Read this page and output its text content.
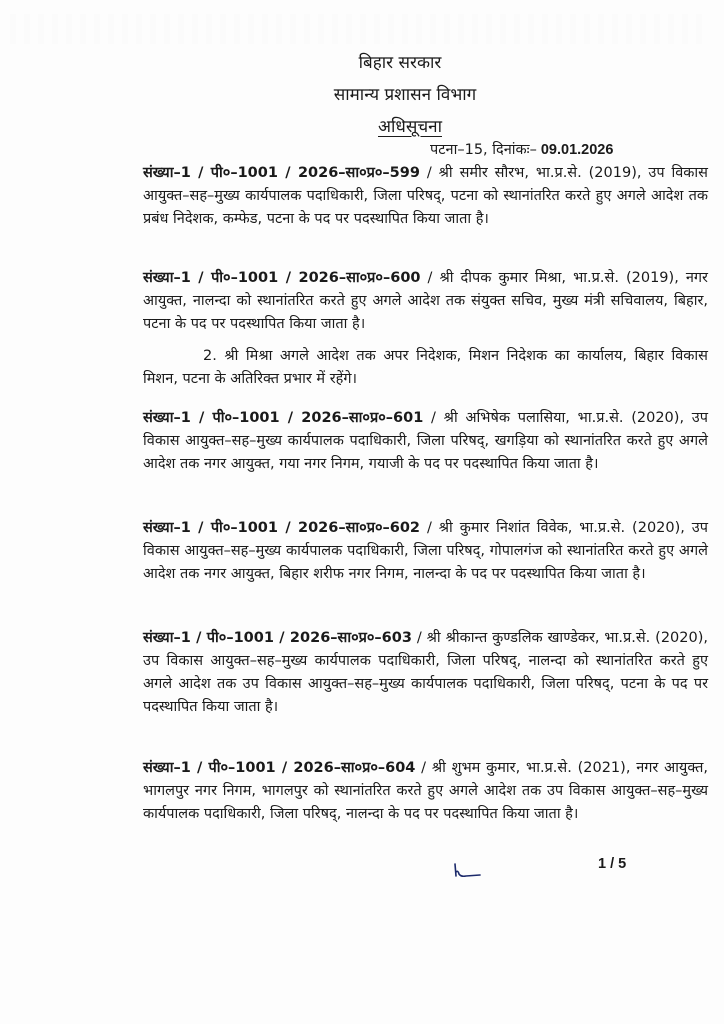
बिहार सरकार
सामान्य प्रशासन विभाग
अधिसूचना
पटना–15, दिनांकः– 09.01.2026

संख्या–1 / पी०–1001 / 2026–सा०प्र०–599 / श्री समीर सौरभ, भा.प्र.से. (2019), उप विकास आयुक्त–सह–मुख्य कार्यपालक पदाधिकारी, जिला परिषद्, पटना को स्थानांतरित करते हुए अगले आदेश तक प्रबंध निदेशक, कम्फेड, पटना के पद पर पदस्थापित किया जाता है।

संख्या–1 / पी०–1001 / 2026–सा०प्र०–600 / श्री दीपक कुमार मिश्रा, भा.प्र.से. (2019), नगर आयुक्त, नालन्दा को स्थानांतरित करते हुए अगले आदेश तक संयुक्त सचिव, मुख्य मंत्री सचिवालय, बिहार, पटना के पद पर पदस्थापित किया जाता है।

2. श्री मिश्रा अगले आदेश तक अपर निदेशक, मिशन निदेशक का कार्यालय, बिहार विकास मिशन, पटना के अतिरिक्त प्रभार में रहेंगे।

संख्या–1 / पी०–1001 / 2026–सा०प्र०–601 / श्री अभिषेक पलासिया, भा.प्र.से. (2020), उप विकास आयुक्त–सह–मुख्य कार्यपालक पदाधिकारी, जिला परिषद्, खगड़िया को स्थानांतरित करते हुए अगले आदेश तक नगर आयुक्त, गया नगर निगम, गयाजी के पद पर पदस्थापित किया जाता है।

संख्या–1 / पी०–1001 / 2026–सा०प्र०–602 / श्री कुमार निशांत विवेक, भा.प्र.से. (2020), उप विकास आयुक्त–सह–मुख्य कार्यपालक पदाधिकारी, जिला परिषद्, गोपालगंज को स्थानांतरित करते हुए अगले आदेश तक नगर आयुक्त, बिहार शरीफ नगर निगम, नालन्दा के पद पर पदस्थापित किया जाता है।

संख्या–1 / पी०–1001 / 2026–सा०प्र०–603 / श्री श्रीकान्त कुण्डलिक खाण्डेकर, भा.प्र.से. (2020), उप विकास आयुक्त–सह–मुख्य कार्यपालक पदाधिकारी, जिला परिषद्, नालन्दा को स्थानांतरित करते हुए अगले आदेश तक उप विकास आयुक्त–सह–मुख्य कार्यपालक पदाधिकारी, जिला परिषद्, पटना के पद पर पदस्थापित किया जाता है।

संख्या–1 / पी०–1001 / 2026–सा०प्र०–604 / श्री शुभम कुमार, भा.प्र.से. (2021), नगर आयुक्त, भागलपुर नगर निगम, भागलपुर को स्थानांतरित करते हुए अगले आदेश तक उप विकास आयुक्त–सह–मुख्य कार्यपालक पदाधिकारी, जिला परिषद्, नालन्दा के पद पर पदस्थापित किया जाता है।

1 / 5
